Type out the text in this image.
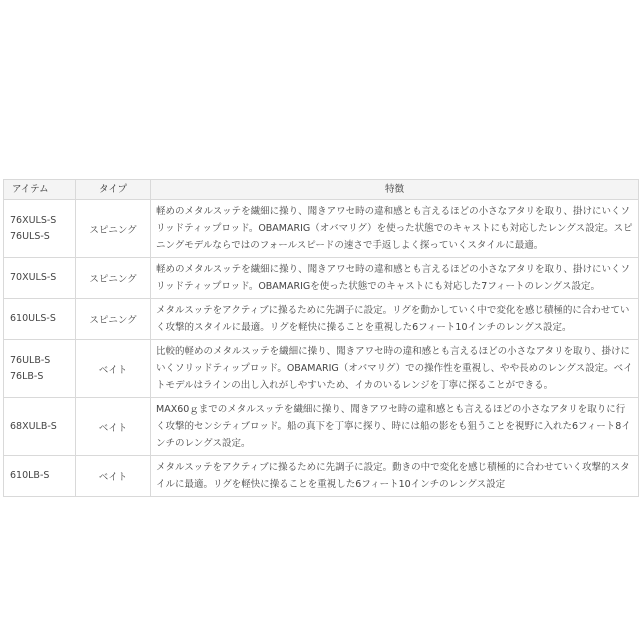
アイテム	タイプ	特徴

76XULS-S
76ULS-S	スピニング	軽めのメタルスッテを繊細に操り、聞きアワセ時の違和感とも言えるほどの小さなアタリを取り、掛けにいくソリッドティップロッド。OBAMARIG（オバマリグ）を使った状態でのキャストにも対応したレングス設定。スピニングモデルならではのフォールスピードの速さで手返しよく探っていくスタイルに最適。

70XULS-S	スピニング	軽めのメタルスッテを繊細に操り、聞きアワセ時の違和感とも言えるほどの小さなアタリを取り、掛けにいくソリッドティップロッド。OBAMARIGを使った状態でのキャストにも対応した7フィートのレングス設定。

610ULS-S	スピニング	メタルスッテをアクティブに操るために先調子に設定。リグを動かしていく中で変化を感じ積極的に合わせていく攻撃的スタイルに最適。リグを軽快に操ることを重視した6フィート10インチのレングス設定。

76ULB-S
76LB-S	ベイト	比較的軽めのメタルスッテを繊細に操り、聞きアワセ時の違和感とも言えるほどの小さなアタリを取り、掛けにいくソリッドティップロッド。OBAMARIG（オバマリグ）での操作性を重視し、やや長めのレングス設定。ベイトモデルはラインの出し入れがしやすいため、イカのいるレンジを丁寧に探ることができる。

68XULB-S	ベイト	MAX60ｇまでのメタルスッテを繊細に操り、聞きアワセ時の違和感とも言えるほどの小さなアタリを取りに行く攻撃的センシティブロッド。船の真下を丁寧に探り、時には船の影をも狙うことを視野に入れた6フィート8インチのレングス設定。

610LB-S	ベイト	メタルスッテをアクティブに操るために先調子に設定。動きの中で変化を感じ積極的に合わせていく攻撃的スタイルに最適。リグを軽快に操ることを重視した6フィート10インチのレングス設定
